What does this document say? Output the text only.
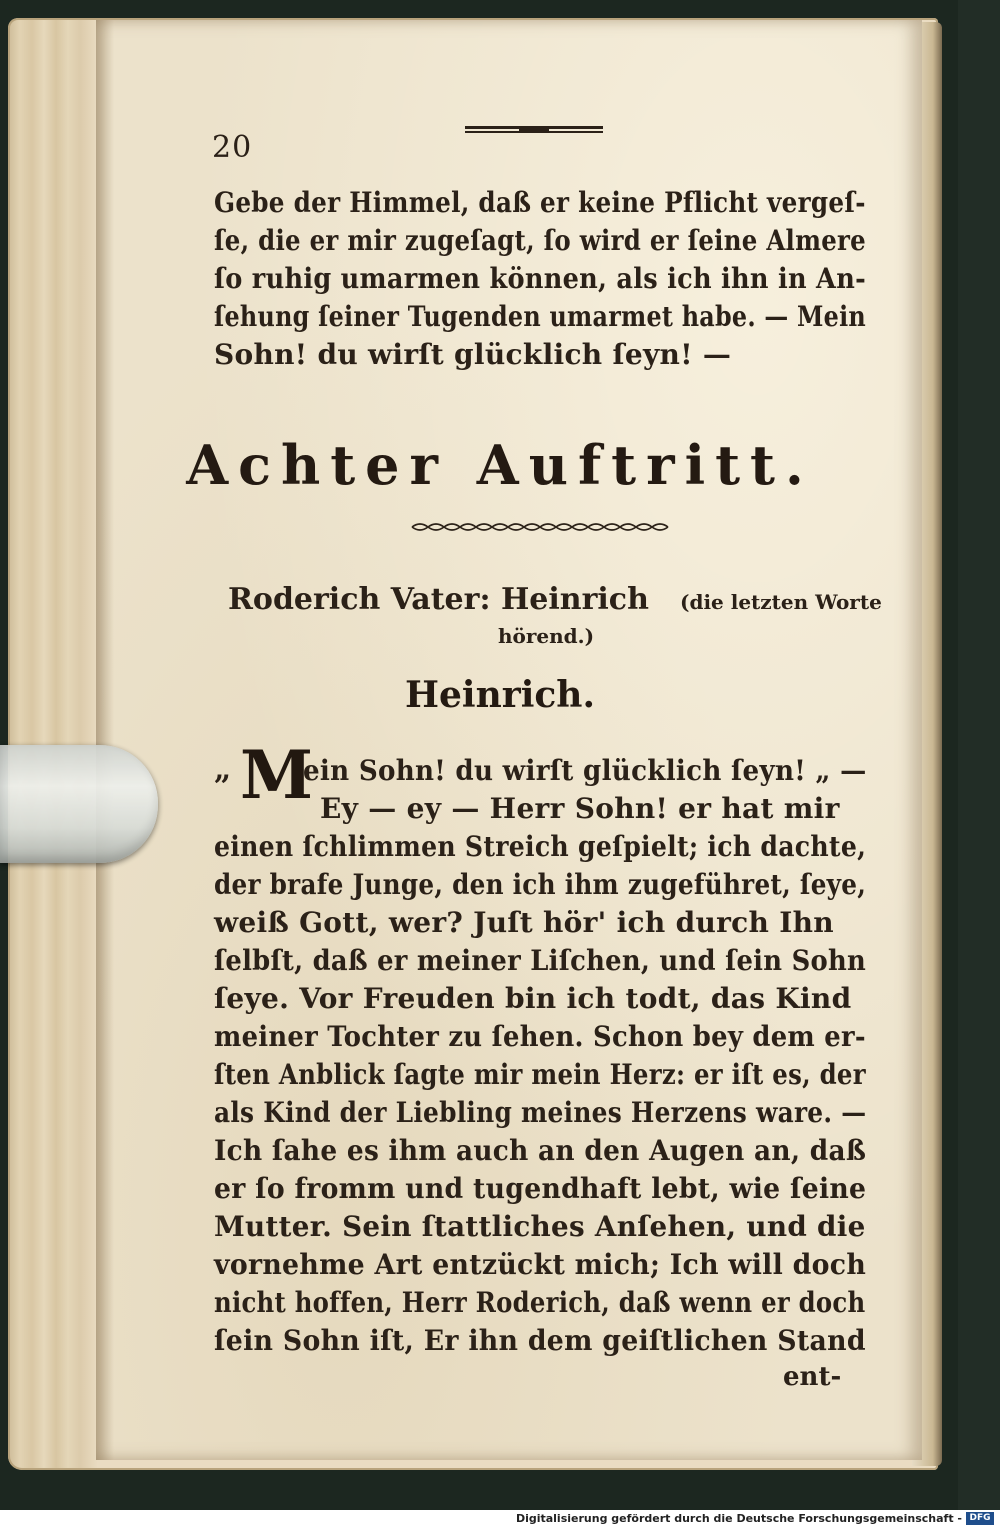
20
Gebe der Himmel, daß er keine Pflicht vergeſ-
ſe, die er mir zugeſagt, ſo wird er ſeine Almere
ſo ruhig umarmen können, als ich ihn in An-
ſehung ſeiner Tugenden umarmet habe. — Mein
Sohn! du wirſt glücklich ſeyn! —
Achter Auftritt.
Roderich Vater: Heinrich (die letzten Worte
hörend.)
Heinrich.
„ M
ein Sohn! du wirſt glücklich ſeyn! „ —
Ey — ey — Herr Sohn! er hat mir
einen ſchlimmen Streich geſpielt; ich dachte,
der brafe Junge, den ich ihm zugeführet, ſeye,
weiß Gott, wer? Juſt hör' ich durch Ihn
ſelbſt, daß er meiner Liſchen, und ſein Sohn
ſeye. Vor Freuden bin ich todt, das Kind
meiner Tochter zu ſehen. Schon bey dem er-
ſten Anblick ſagte mir mein Herz: er iſt es, der
als Kind der Liebling meines Herzens ware. —
Ich ſahe es ihm auch an den Augen an, daß
er ſo fromm und tugendhaft lebt, wie ſeine
Mutter. Sein ſtattliches Anſehen, und die
vornehme Art entzückt mich; Ich will doch
nicht hoffen, Herr Roderich, daß wenn er doch
ſein Sohn iſt, Er ihn dem geiſtlichen Stand
ent-
Digitalisierung gefördert durch die Deutsche Forschungsgemeinschaft - DFG
